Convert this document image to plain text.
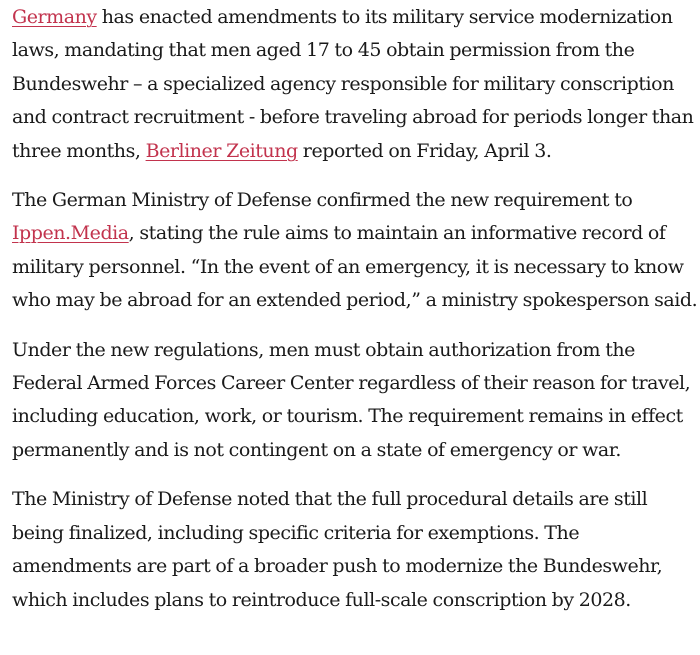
Germany has enacted amendments to its military service modernization laws, mandating that men aged 17 to 45 obtain permission from the Bundeswehr – a specialized agency responsible for military conscription and contract recruitment - before traveling abroad for periods longer than three months, Berliner Zeitung reported on Friday, April 3.

The German Ministry of Defense confirmed the new requirement to Ippen.Media, stating the rule aims to maintain an informative record of military personnel. “In the event of an emergency, it is necessary to know who may be abroad for an extended period,” a ministry spokesperson said.

Under the new regulations, men must obtain authorization from the Federal Armed Forces Career Center regardless of their reason for travel, including education, work, or tourism. The requirement remains in effect permanently and is not contingent on a state of emergency or war.

The Ministry of Defense noted that the full procedural details are still being finalized, including specific criteria for exemptions. The amendments are part of a broader push to modernize the Bundeswehr, which includes plans to reintroduce full-scale conscription by 2028.
